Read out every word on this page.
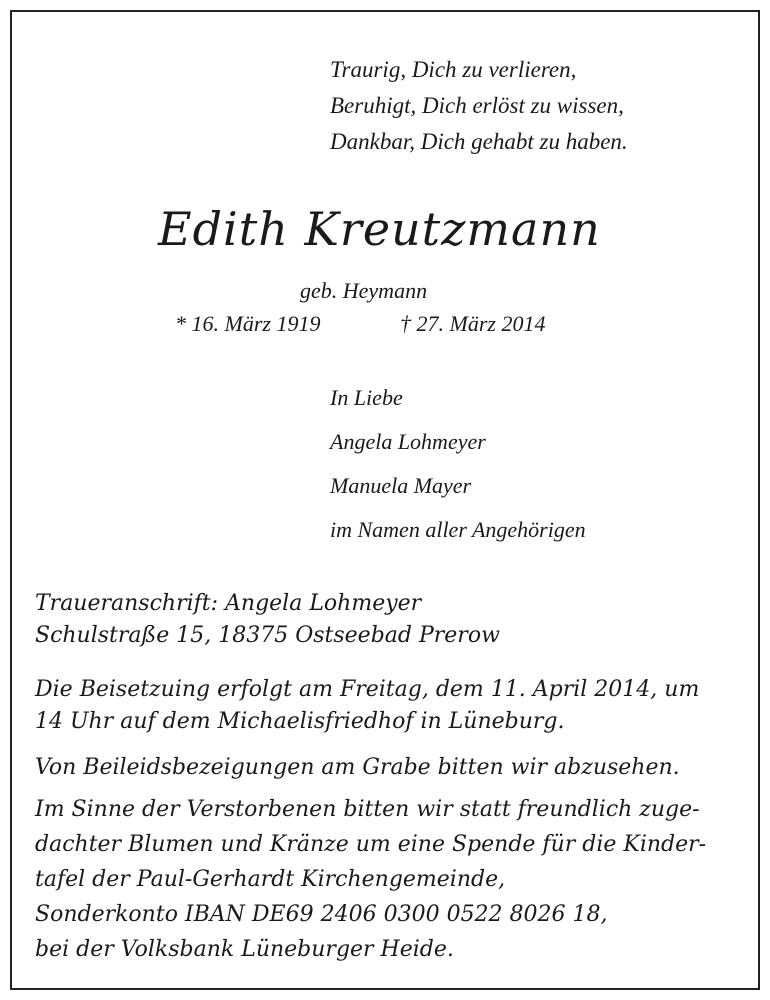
Traurig, Dich zu verlieren,

Beruhigt, Dich erlöst zu wissen,

Dankbar, Dich gehabt zu haben.

Edith Kreutzmann

geb. Heymann

* 16. März 1919	† 27. März 2014

In Liebe

Angela Lohmeyer

Manuela Mayer

im Namen aller Angehörigen

Traueranschrift: Angela Lohmeyer

Schulstraße 15, 18375 Ostseebad Prerow

Die Beisetzuing erfolgt am Freitag, dem 11. April 2014, um

14 Uhr auf dem Michaelisfriedhof in Lüneburg.

Von Beileidsbezeigungen am Grabe bitten wir abzusehen.

Im Sinne der Verstorbenen bitten wir statt freundlich zuge-

dachter Blumen und Kränze um eine Spende für die Kinder-

tafel der Paul-Gerhardt Kirchengemeinde,

Sonderkonto IBAN DE69 2406 0300 0522 8026 18,

bei der Volksbank Lüneburger Heide.
